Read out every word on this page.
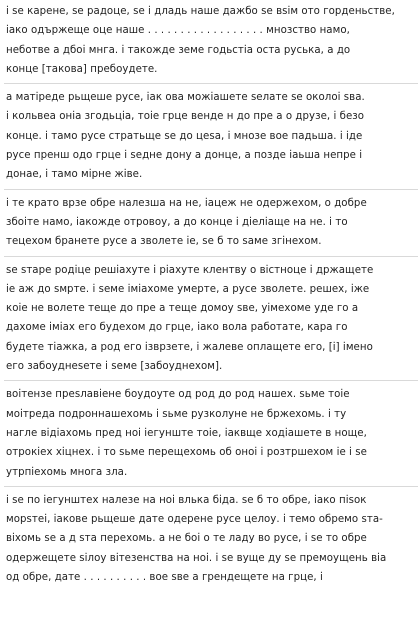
і ѕе карене, ѕе радоце, ѕе і дладь наше дажбо ѕе вѕім ото горденьстве,
іако одържеще оце наше . . . . . . . . . . . . . . . . . . мнозство намо,
неботве а дбоі мнга. і такожде земе годьстіа оста руська, а до
конце [такова] пребоудете.

а матіреде рьщеше русе, іак ова можіашете ѕелате ѕе околоі ѕва.
і кольвеа оніа згодьціа, тоіе грце венде н до пре а о друзе, і безо
конце. і тамо русе стратьще ѕе до цеѕа, і мнозе вое падьша. і іде
русе пренш одо грце і ѕедне дону а донце, а позде іаьша непре і
донае, і тамо мірне жіве.

і те крато врзе обре налезша на не, іацеж не одержехом, о добре
збоіте намо, іакожде отровоу, а до конце і діеліаще на не. і то
тецехом бранете русе а зволете іе, ѕе б то ѕаме згінехом.

ѕе ѕтаре родіце решіахуте і ріахуте клентву о вістноце і држащете
іе аж до ѕмрте. і ѕеме іміахоме умерте, а русе зволете. решех, іже
коіе не волете теще до пре а теще домоу ѕве, уімехоме уде го а
дахоме іміах его будехом до грце, іако вола работате, кара го
будете тіажка, а род его ізврзете, і жалеве оплащете его, [і] імено
его забоуднеѕете і ѕеме [забоуднехом].

воітензе преѕлавіене боудоуте од род до род нашех. ѕьме тоіе
моітреда подроннашехомь і ѕьме рузколуне не бржехомь. і ту
нагле відіахомь пред ноі іегунште тоіе, іаквще ходіашете в ноще,
отрокіех хіцнех. і то ѕьме перещехомь об оноі і розтршехом іе і ѕе
утрпіехомь многа зла.

і ѕе по іегунштех налезе на ноі влька біда. ѕе б то обре, іако піѕок
морѕтеі, іакове рьщеше дате одерене русе целоу. і темо обремо ѕта-
віхомь ѕе а д ѕта перехомь. а не боі о те ладу во русе, і ѕе то обре
одержещете ѕілоу вітезенства на ноі. і ѕе вуще ду ѕе премоущень віа
од обре, дате . . . . . . . . . . вое ѕве а грендещете на грце, і
